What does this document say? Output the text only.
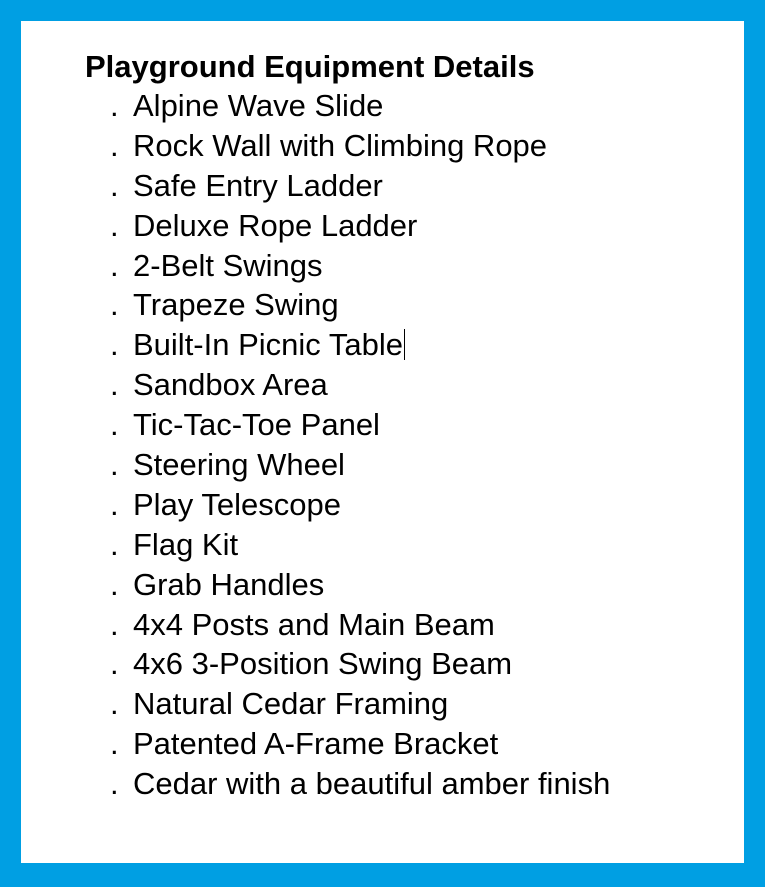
Playground Equipment Details
. Alpine Wave Slide
. Rock Wall with Climbing Rope
. Safe Entry Ladder
. Deluxe Rope Ladder
. 2-Belt Swings
. Trapeze Swing
. Built-In Picnic Table
. Sandbox Area
. Tic-Tac-Toe Panel
. Steering Wheel
. Play Telescope
. Flag Kit
. Grab Handles
. 4x4 Posts and Main Beam
. 4x6 3-Position Swing Beam
. Natural Cedar Framing
. Patented A-Frame Bracket
. Cedar with a beautiful amber finish
